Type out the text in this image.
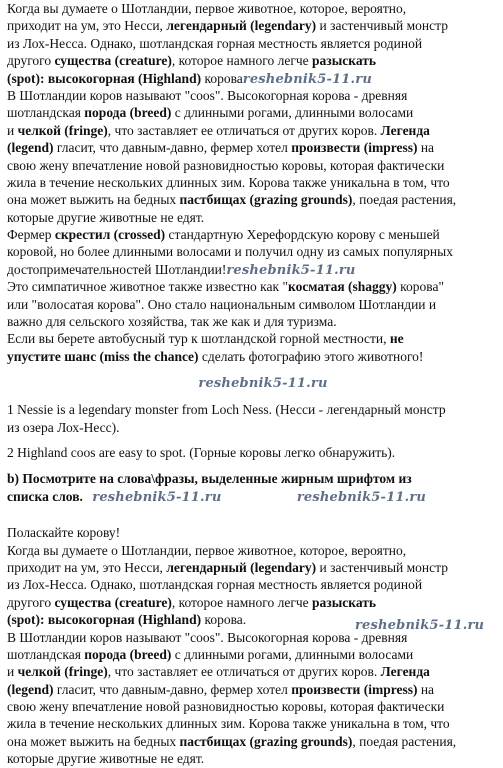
Когда вы думаете о Шотландии, первое животное, которое, вероятно,
приходит на ум, это Несси, легендарный (legendary) и застенчивый монстр
из Лох-Несса. Однако, шотландская горная местность является родиной
другого существа (creature), которое намного легче разыскать
(spot): высокогорная (Highland) короваreshebnik5-11.ru
В Шотландии коров называют "coos". Высокогорная корова - древняя
шотландская порода (breed) с длинными рогами, длинными волосами
и челкой (fringe), что заставляет ее отличаться от других коров. Легенда
(legend) гласит, что давным-давно, фермер хотел произвести (impress) на
свою жену впечатление новой разновидностью коровы, которая фактически
жила в течение нескольких длинных зим. Корова также уникальна в том, что
она может выжить на бедных пастбищах (grazing grounds), поедая растения,
которые другие животные не едят.
Фермер скрестил (crossed) стандартную Херефордскую корову с меньшей
коровой, но более длинными волосами и получил одну из самых популярных
достопримечательностей Шотландии!reshebnik5-11.ru
Это симпатичное животное также известно как "косматая (shaggy) корова"
или "волосатая корова". Оно стало национальным символом Шотландии и
важно для сельского хозяйства, так же как и для туризма.
Если вы берете автобусный тур к шотландской горной местности, не
упустите шанс (miss the chance) сделать фотографию этого животного!
reshebnik5-11.ru
1 Nessie is a legendary monster from Loch Ness. (Несси - легендарный монстр
из озера Лох-Несс).
2 Highland coos are easy to spot. (Горные коровы легко обнаружить).
b) Посмотрите на слова\фразы, выделенные жирным шрифтом из
списка слов. reshebnik5-11.ru	reshebnik5-11.ru
Поласкайте корову!
Когда вы думаете о Шотландии, первое животное, которое, вероятно,
приходит на ум, это Несси, легендарный (legendary) и застенчивый монстр
из Лох-Несса. Однако, шотландская горная местность является родиной
другого существа (creature), которое намного легче разыскать
(spot): высокогорная (Highland) корова.	reshebnik5-11.ru
В Шотландии коров называют "coos". Высокогорная корова - древняя
шотландская порода (breed) с длинными рогами, длинными волосами
и челкой (fringe), что заставляет ее отличаться от других коров. Легенда
(legend) гласит, что давным-давно, фермер хотел произвести (impress) на
свою жену впечатление новой разновидностью коровы, которая фактически
жила в течение нескольких длинных зим. Корова также уникальна в том, что
она может выжить на бедных пастбищах (grazing grounds), поедая растения,
которые другие животные не едят.
